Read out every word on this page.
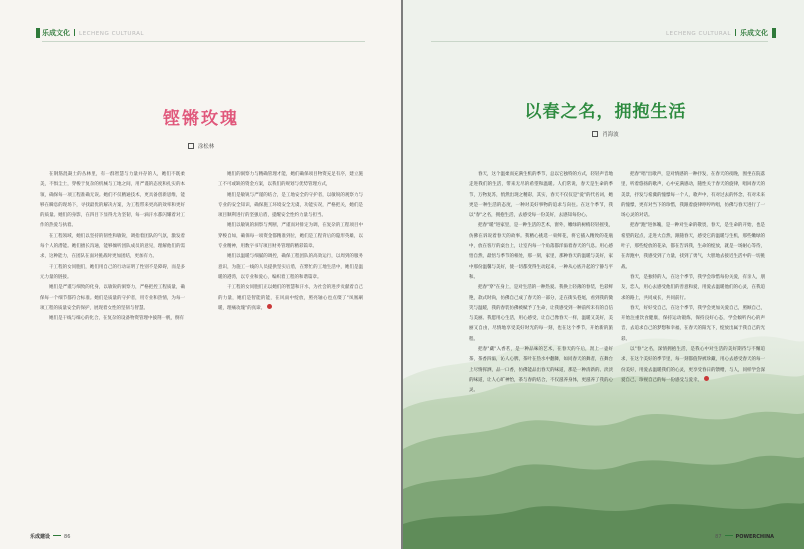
乐成文化 LECHENG CULTURAL
铿锵玫瑰
涂松林

在钢筋混凝土的丛林里，有一群智慧与力量并存的人，她们不既柔美，不惧尘土，穿梭于复杂的机械与工地之间，用严谨的态度和扎实的本领，确保每一项工程准确无误。她们不仅精通技术，更具备创新思维，能够在瞬息的现场下，寻找最优的解决方案，为工程带来更高的效率和更好的质量。她们的身影，在四目下显得尤为坚韧，每一滴汗水都闪耀着对工作的热爱与执着。

在工程领域，她们以坚持的韧性和敏锐，调指着团队的气氛，激发着每个人的潜能。她们擅长沟通，能够倾听团队成员的意见，理解他们的需求，这种能力，在团队在面对挑战时更加团结，更加有力。

干工程的女同胞们，她们用自己的行动证明了性别不是障碍，而是多元力量的链接。

她们是严谨与细致的化身，以敏锐的洞察力，严格把控工程质量，确保每一个细节都符合标准。她们是质量的守护者，用专业和热情，为每一项工程的质量安全的保护，展现着女性的坚韧与智慧。

她们是干线与细心的化合，在复杂的设备物资管理中披荆一帆，倒有

她们的洞察力与精确管理才能，她们确保项目物资充足有序，建立施工不可或缺的资金方案，以我们的规划与优势管理方式，

她们是敏锐与严谨的结合，是工地安全的守护者，以敏锐的观察力与专业的安全知识，确保施工环境安全无虞，功能实况，严格把关，她们是项目顺利进行的坚强后盾，提醒安全性约力量与担当。

她们以敏锐的洞察与判断，严谨而对排定为调，在复杂的工程项目中穿梭自如，确保每一项资金都精准到位，她们是工程背后的隐形英雄，以专业精神，用数字书写项目财务管理的精彩篇章。

她们以温暖与细腻的调控，确保工程团队的高效运行，以周到的服务意识，为施工一线的人员提供坚实后盾，在繁忙的工地生活中，她们是温暖的港湾，以专业和爱心，编织着工程的和谐篇章。

干工程的女同胞们正以她们的智慧和汗水，为社会的进步贡献着自己的力量，她们是智能的能，在风雨中绽放，照亮轴心也点缀了"凤凰刷暖，理痛攻瑰"的真谛。

乐成建设	86
LECHENG CULTURAL 乐成文化
以春之名，拥抱生活
肖海波

春天，这个温柔而充满生机的季节，总以它独特的方式，轻轻声音地走进我们的生活，带来无尽的希望和温暖。人们常说，春天是生命的季节，万物复苏，悄然出现之精彩，其实，春天不仅仅是"爱"的代名词，她更是一种生活的态度，一种对美好事物的追求与向往。在这个季节，我以"春"之名，拥抱生活，去感受每一份美好，去感知每份心。

把春"暖"进家里，是一种生活的艺术，窗外，嫩绿的树梢轻轻摇曳，仿佛在诉说着春天的故事。我精心挑选一束鲜花，将它插入精致的花瓶中，放在客厅的桌台上，让室内每一个角落都洋溢着春天的气息。用心感悟自然，最悟与季节的相处，那一刻，家里，那种春天的温暖与美好，家中那份温馨与美好，使一切都变得生动起来，一种从心底升起的宁静与平和。

把春"穿"在身上，是对生活的一种热爱。我换上轻薄的春装，色彩鲜艳，款式时尚，仿佛自己成了春天的一部分，走在街头巷尾，看到我的微笑与温暖，我的春装仿佛被赋予了生命，让我感受到一种前所未有的自信与美丽。我愿用心生活，用心感受，让自己像春天一样，温暖又美好，美丽又自由，尽情地享受美好时光的每一刻，也在这个季节，开始新的旅程。

把春"藏"入香茗，是一种品味的艺术，在春天的午后，沏上一壶好茶，茶香四溢，沁人心脾，茶叶在热水中翻舞，如同春天的舞者，在舞台上尽情挥洒，品一口香，仿佛能品出春天的味道，那是一种清新的、淡淡的味道，让人心旷神怡，茶与春的结合，不仅滋养身体，更滋养了我的心灵。

把春"唱"出歌声，是对情感的一种抒发，在春天的夜晚，围坐在院落里，听着悠扬的歌声，心中充满感动，随性关于春天的旋律，唱回春天的美景，抒发与希冀的憧憬每一个人，歌声中，有对过去的怀念，有对未来的憧憬，更有对当下的珍惜，我跟着旋律哼哼吟唱，仿佛与春天进行了一场心灵的对话。

把春"跑"进体魄，是一种对生命的敬畏，春天，是生命的开始，也是希望的起点，走进大自然，跟随春天，感受它的温暖与生机，那些嫩绿的叶子，那些绽放的花朵，都在告诉我，生命的绽放，就是一场耐心等待，在奔跑中，我感受到了力量，找到了勇气，大胆地去接近生活中的一切挑战。

春天，是独特的人，在这个季节，我学会珍惜每份关爱，有亲人，朋友，恋人，用心去感受他们的善意和爱，用爱去温暖他们的心灵，在我追求的路上，共同成长，共同前行。

春天，好好受自己，在这个季节，我学会更加关爱自己，照顾自己，开始注重饮食健康，保持运动锻炼，保持良好心态，学会倾听内心的声音，去追求自己的梦想和幸福，在春天的阳光下，绽放出属于我自己的光彩。

以"春"之名，深情拥抱生活，是我心中对生活的美好期待与不懈追求，在这个美好的季节里，每一刻都值得被珍藏，用心去感受春天的每一份美好，用爱去温暖我们的心灵，更享受春日的馈赠，与人，同样学会深爱自己，珍视自己的每一份感受与爱幸。

87	POWERCHINA
